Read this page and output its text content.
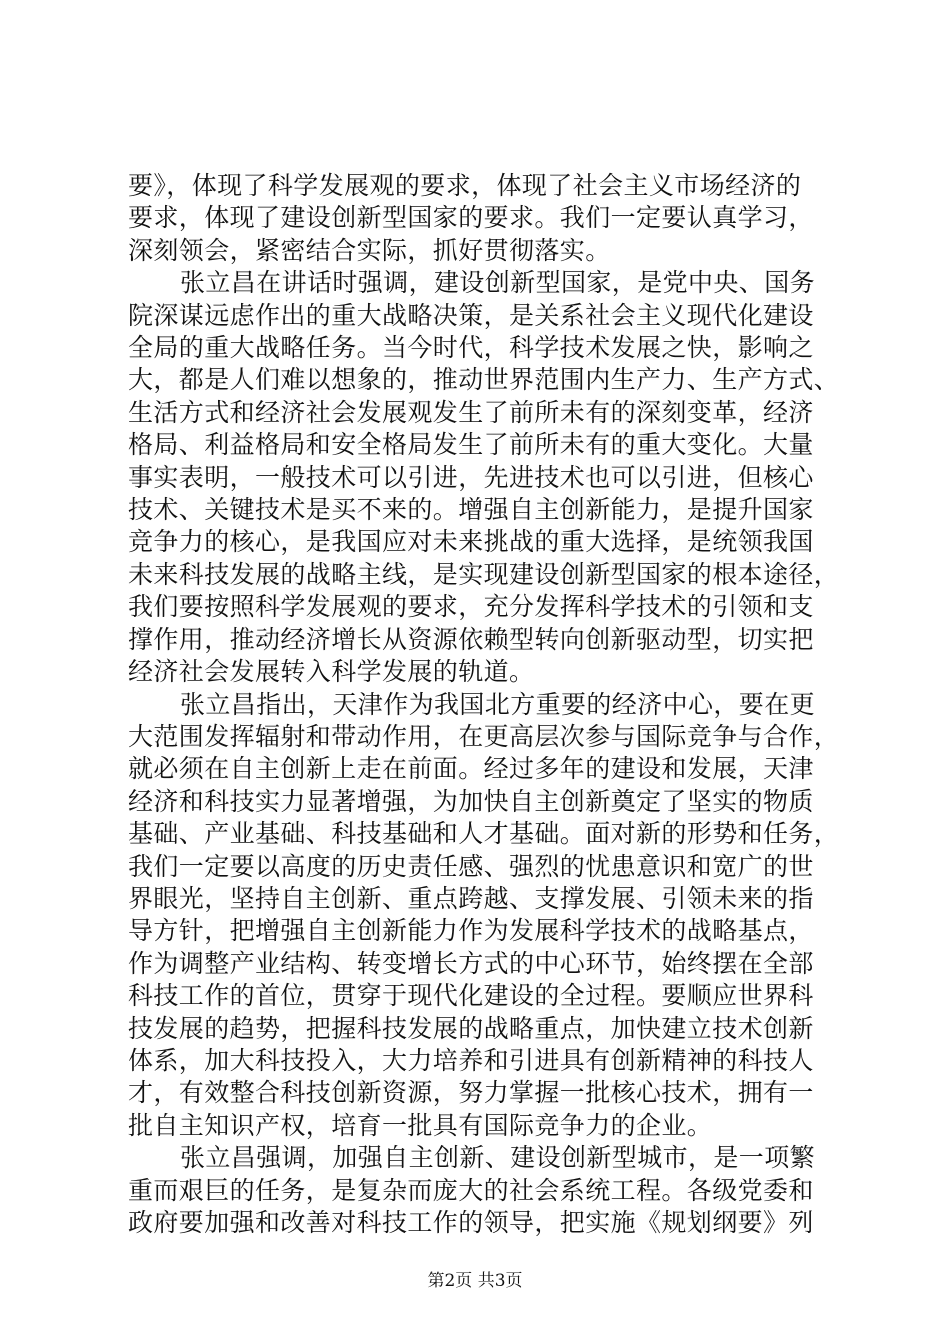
要》，体现了科学发展观的要求，体现了社会主义市场经济的
要求，体现了建设创新型国家的要求。我们一定要认真学习，
深刻领会，紧密结合实际，抓好贯彻落实。
张立昌在讲话时强调，建设创新型国家，是党中央、国务
院深谋远虑作出的重大战略决策，是关系社会主义现代化建设
全局的重大战略任务。当今时代，科学技术发展之快，影响之
大，都是人们难以想象的，推动世界范围内生产力、生产方式、
生活方式和经济社会发展观发生了前所未有的深刻变革，经济
格局、利益格局和安全格局发生了前所未有的重大变化。大量
事实表明，一般技术可以引进，先进技术也可以引进，但核心
技术、关键技术是买不来的。增强自主创新能力，是提升国家
竞争力的核心，是我国应对未来挑战的重大选择，是统领我国
未来科技发展的战略主线，是实现建设创新型国家的根本途径，
我们要按照科学发展观的要求，充分发挥科学技术的引领和支
撑作用，推动经济增长从资源依赖型转向创新驱动型，切实把
经济社会发展转入科学发展的轨道。
张立昌指出，天津作为我国北方重要的经济中心，要在更
大范围发挥辐射和带动作用，在更高层次参与国际竞争与合作，
就必须在自主创新上走在前面。经过多年的建设和发展，天津
经济和科技实力显著增强，为加快自主创新奠定了坚实的物质
基础、产业基础、科技基础和人才基础。面对新的形势和任务，
我们一定要以高度的历史责任感、强烈的忧患意识和宽广的世
界眼光，坚持自主创新、重点跨越、支撑发展、引领未来的指
导方针，把增强自主创新能力作为发展科学技术的战略基点，
作为调整产业结构、转变增长方式的中心环节，始终摆在全部
科技工作的首位，贯穿于现代化建设的全过程。要顺应世界科
技发展的趋势，把握科技发展的战略重点，加快建立技术创新
体系，加大科技投入，大力培养和引进具有创新精神的科技人
才，有效整合科技创新资源，努力掌握一批核心技术，拥有一
批自主知识产权，培育一批具有国际竞争力的企业。
张立昌强调，加强自主创新、建设创新型城市，是一项繁
重而艰巨的任务，是复杂而庞大的社会系统工程。各级党委和
政府要加强和改善对科技工作的领导，把实施《规划纲要》列
第2页 共3页
